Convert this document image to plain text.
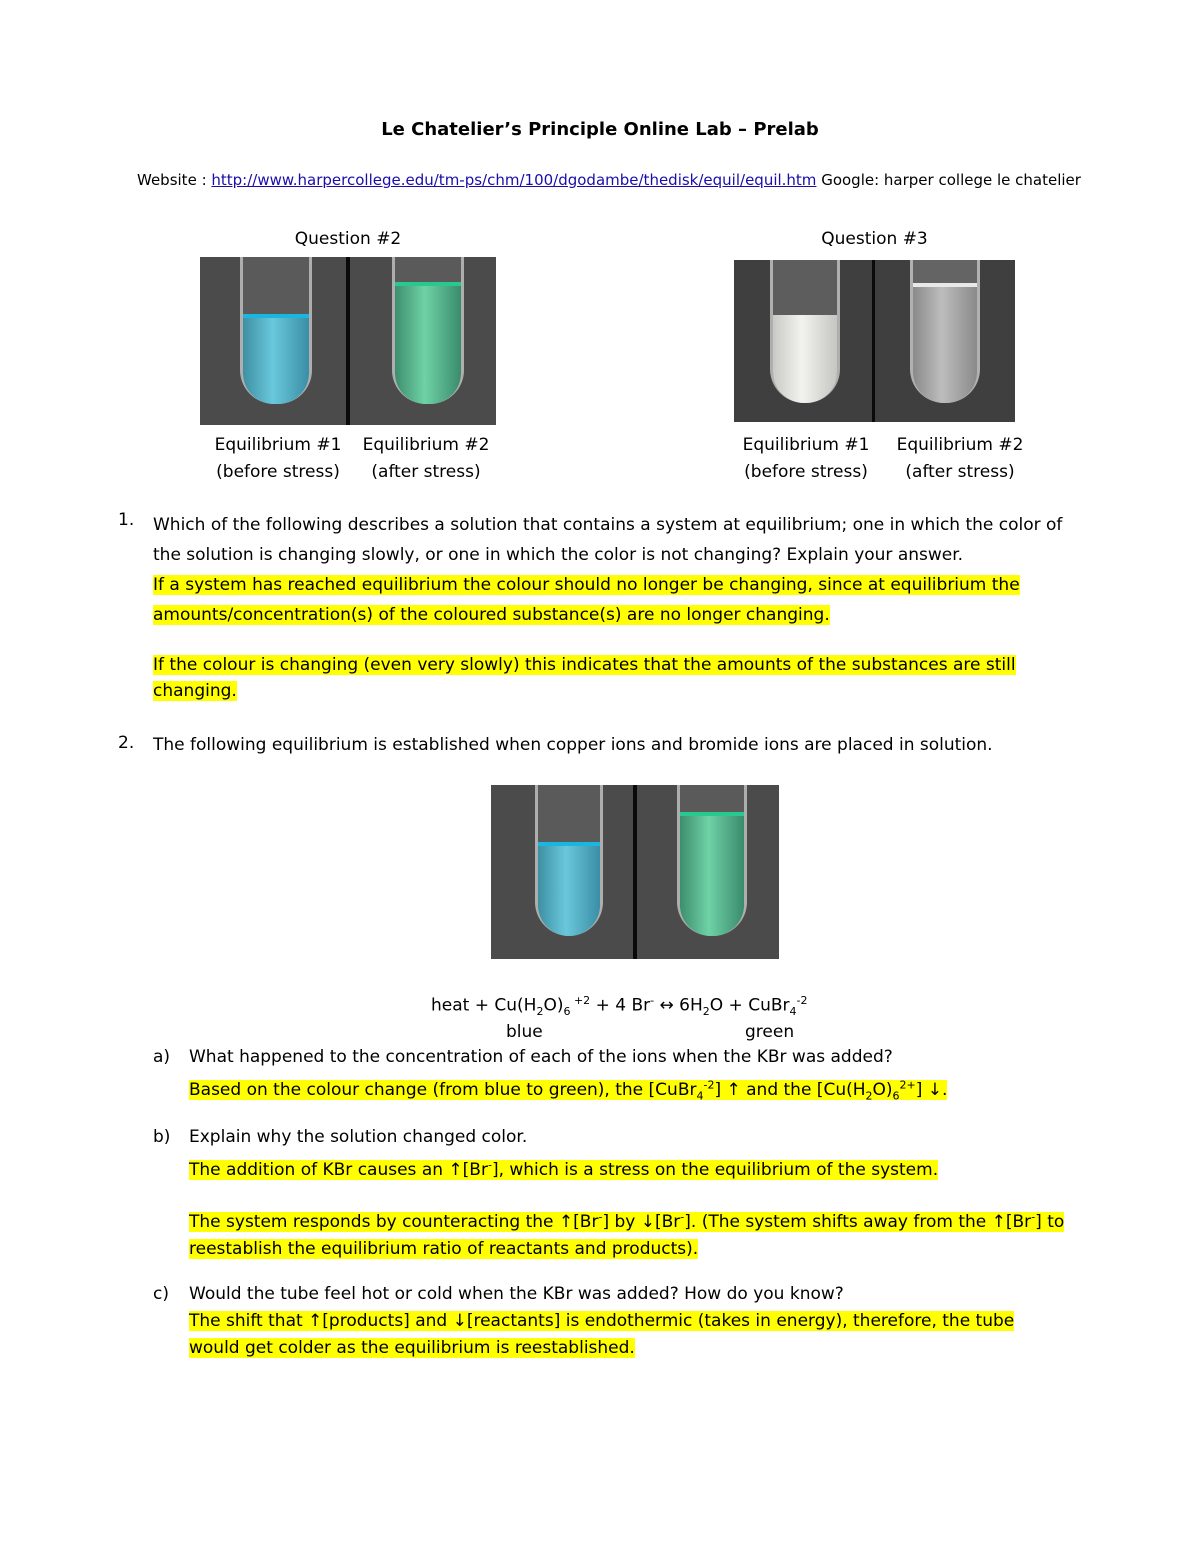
Le Chatelier’s Principle Online Lab – Prelab
Website : http://www.harpercollege.edu/tm-ps/chm/100/dgodambe/thedisk/equil/equil.htm Google: harper college le chatelier
Question #2
Equilibrium #1
(before stress)
Equilibrium #2
(after stress)
Question #3
Equilibrium #1
(before stress)
Equilibrium #2
(after stress)
1. Which of the following describes a solution that contains a system at equilibrium; one in which the color of
the solution is changing slowly, or one in which the color is not changing? Explain your answer.
If a system has reached equilibrium the colour should no longer be changing, since at equilibrium the
amounts/concentration(s) of the coloured substance(s) are no longer changing.
If the colour is changing (even very slowly) this indicates that the amounts of the substances are still
changing.
2. The following equilibrium is established when copper ions and bromide ions are placed in solution.
heat + $Cu(H_2O)_6$ $^{+2}$ + 4 Br- ↔ $6H_2O$ + CuBr$_4^{-2}$
blue	green
a) What happened to the concentration of each of the ions when the KBr was added?
Based on the colour change (from blue to green), the [CuBr$_4^{-2}$] ↑ and the $[Cu(H_2O)_6^{2+}]$ ↓.
b) Explain why the solution changed color.
The addition of KBr causes an ↑[Br-], which is a stress on the equilibrium of the system.
The system responds by counteracting the ↑[Br-] by ↓[Br-]. (The system shifts away from the ↑[Br-] to
reestablish the equilibrium ratio of reactants and products).
c) Would the tube feel hot or cold when the KBr was added? How do you know?
The shift that ↑[products] and ↓[reactants] is endothermic (takes in energy), therefore, the tube
would get colder as the equilibrium is reestablished.
